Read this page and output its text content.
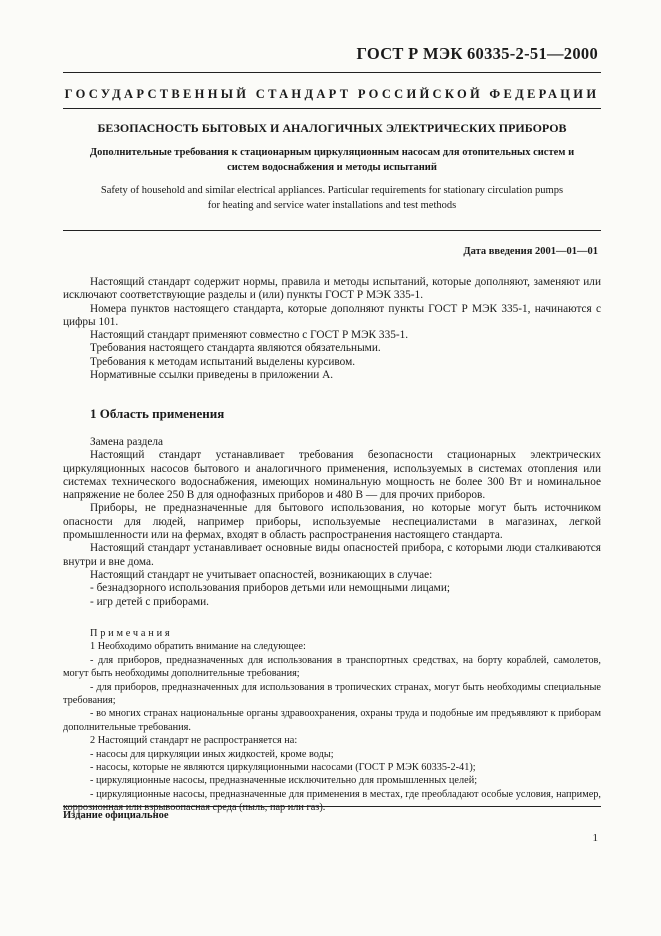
ГОСТ Р МЭК 60335-2-51—2000
ГОСУДАРСТВЕННЫЙ СТАНДАРТ РОССИЙСКОЙ ФЕДЕРАЦИИ
БЕЗОПАСНОСТЬ БЫТОВЫХ И АНАЛОГИЧНЫХ ЭЛЕКТРИЧЕСКИХ ПРИБОРОВ
Дополнительные требования к стационарным циркуляционным насосам для отопительных систем и
систем водоснабжения и методы испытаний
Safety of household and similar electrical appliances. Particular requirements for stationary circulation pumps
for heating and service water installations and test methods
Дата введения 2001—01—01

Настоящий стандарт содержит нормы, правила и методы испытаний, которые дополняют, заменяют или исключают соответствующие разделы и (или) пункты ГОСТ Р МЭК 335-1.

Номера пунктов настоящего стандарта, которые дополняют пункты ГОСТ Р МЭК 335-1, начинаются с цифры 101.

Настоящий стандарт применяют совместно с ГОСТ Р МЭК 335-1.

Требования настоящего стандарта являются обязательными.

Требования к методам испытаний выделены курсивом.

Нормативные ссылки приведены в приложении А.

1 Область применения

Замена раздела

Настоящий стандарт устанавливает требования безопасности стационарных электрических циркуляционных насосов бытового и аналогичного применения, используемых в системах отопления или системах технического водоснабжения, имеющих номинальную мощность не более 300 Вт и номинальное напряжение не более 250 В для однофазных приборов и 480 В — для прочих приборов.

Приборы, не предназначенные для бытового использования, но которые могут быть источником опасности для людей, например приборы, используемые неспециалистами в магазинах, легкой промышленности или на фермах, входят в область распространения настоящего стандарта.

Настоящий стандарт устанавливает основные виды опасностей прибора, с которыми люди сталкиваются внутри и вне дома.

Настоящий стандарт не учитывает опасностей, возникающих в случае:

- безнадзорного использования приборов детьми или немощными лицами;

- игр детей с приборами.

Примечания

1 Необходимо обратить внимание на следующее:

- для приборов, предназначенных для использования в транспортных средствах, на борту кораблей, самолетов, могут быть необходимы дополнительные требования;

- для приборов, предназначенных для использования в тропических странах, могут быть необходимы специальные требования;

- во многих странах национальные органы здравоохранения, охраны труда и подобные им предъявляют к приборам дополнительные требования.

2 Настоящий стандарт не распространяется на:

- насосы для циркуляции иных жидкостей, кроме воды;

- насосы, которые не являются циркуляционными насосами (ГОСТ Р МЭК 60335-2-41);

- циркуляционные насосы, предназначенные исключительно для промышленных целей;

- циркуляционные насосы, предназначенные для применения в местах, где преобладают особые условия, например, коррозионная или взрывоопасная среда (пыль, пар или газ).

Издание официальное
1
